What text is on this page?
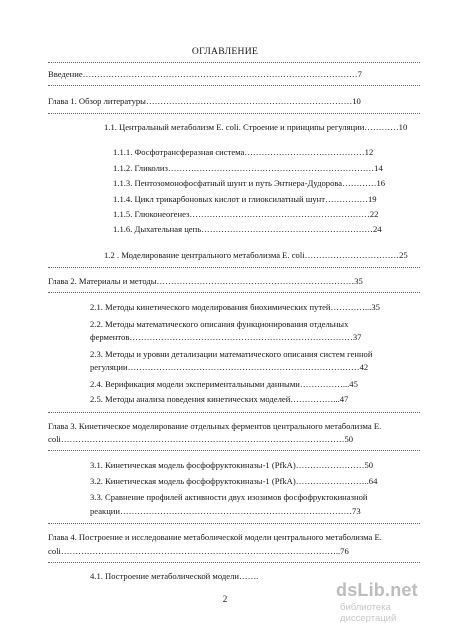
ОГЛАВЛЕНИЕ
Введение……………………………………………………………………………………7
Глава 1. Обзор литературы………………………………………………………………10
1.1. Центральный метаболизм E. coli. Строение и принципы регуляции…………10
1.1.1. Фосфотрансферазная система……………………………………12
1.1.2. Гликолиз………………………………………………………………14
1.1.3. Пентозомонофосфатный шунт и путь Энтнера-Дудорова…………16
1.1.4. Цикл трикарбоновых кислот и глиоксилатный шунт……………19
1.1.5. Глюконеогенез………………………………………………………22
1.1.6. Дыхательная цепь……………………………………………………24
1.2 . Моделирование центрального метаболизма E. coli……………………………25
Глава 2. Материалы и методы……………………………………………………………35
2.1. Методы кинетического моделирования биохимических путей…………...35
2.2. Методы математического описания функционирования отдельных
ферментов……………………………………………………………………37
2.3. Методы и уровни детализации математического описания систем генной
регуляции………………………………………………………………………42
2.4. Верификация модели экспериментальными данными……………...45
2.5. Методы анализа поведения кинетических моделей……………...47
Глава 3. Кинетическое моделирование отдельных ферментов центрального метаболизма E.
coli………………………………………………………………………………………50
3.1. Кинетическая модель фосфофруктокиназы-1 (PfkA)……………………50
3.2. Кинетическая модель фосфофруктокиназы-1 (PfkA)……………………..64
3.3. Сравнение профилей активности двух изозимов фосфофруктокиназной
реакции………………………………………………………………………73
Глава 4. Построение и исследование метаболической модели центрального метаболизма E.
coli……………………………………………………………………………………..76
4.1. Построение метаболической модели…….
2	dsLib.net
библиотека диссертаций
